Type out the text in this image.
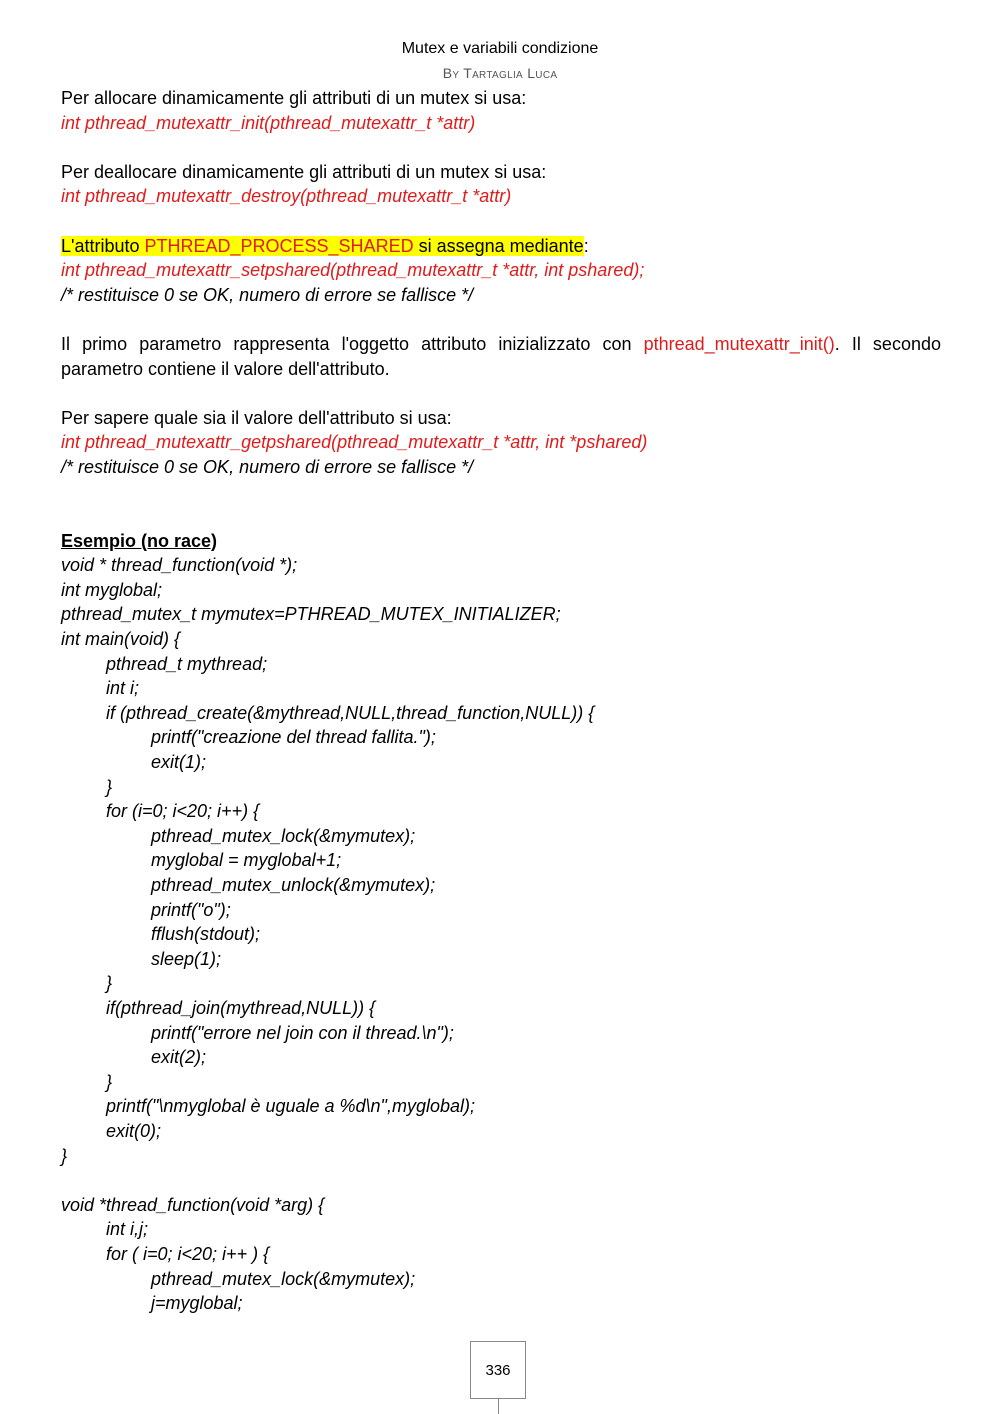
Mutex e variabili condizione
By Tartaglia Luca
Per allocare dinamicamente gli attributi di un mutex si usa:
int pthread_mutexattr_init(pthread_mutexattr_t *attr)
Per deallocare dinamicamente gli attributi di un mutex si usa:
int pthread_mutexattr_destroy(pthread_mutexattr_t *attr)
L'attributo PTHREAD_PROCESS_SHARED si assegna mediante:
int pthread_mutexattr_setpshared(pthread_mutexattr_t *attr, int pshared);
/* restituisce 0 se OK, numero di errore se fallisce */
Il primo parametro rappresenta l'oggetto attributo inizializzato con pthread_mutexattr_init(). Il secondo
parametro contiene il valore dell'attributo.
Per sapere quale sia il valore dell'attributo si usa:
int pthread_mutexattr_getpshared(pthread_mutexattr_t *attr, int *pshared)
/* restituisce 0 se OK, numero di errore se fallisce */
Esempio (no race)
void * thread_function(void *);
int myglobal;
pthread_mutex_t mymutex=PTHREAD_MUTEX_INITIALIZER;
int main(void) {
pthread_t mythread;
int i;
if (pthread_create(&mythread,NULL,thread_function,NULL)) {
printf("creazione del thread fallita.");
exit(1);
}
for (i=0; i<20; i++) {
pthread_mutex_lock(&mymutex);
myglobal = myglobal+1;
pthread_mutex_unlock(&mymutex);
printf("o");
fflush(stdout);
sleep(1);
}
if(pthread_join(mythread,NULL)) {
printf("errore nel join con il thread.\n");
exit(2);
}
printf("\nmyglobal è uguale a %d\n",myglobal);
exit(0);
}
void *thread_function(void *arg) {
int i,j;
for ( i=0; i<20; i++ ) {
pthread_mutex_lock(&mymutex);
j=myglobal;
336
